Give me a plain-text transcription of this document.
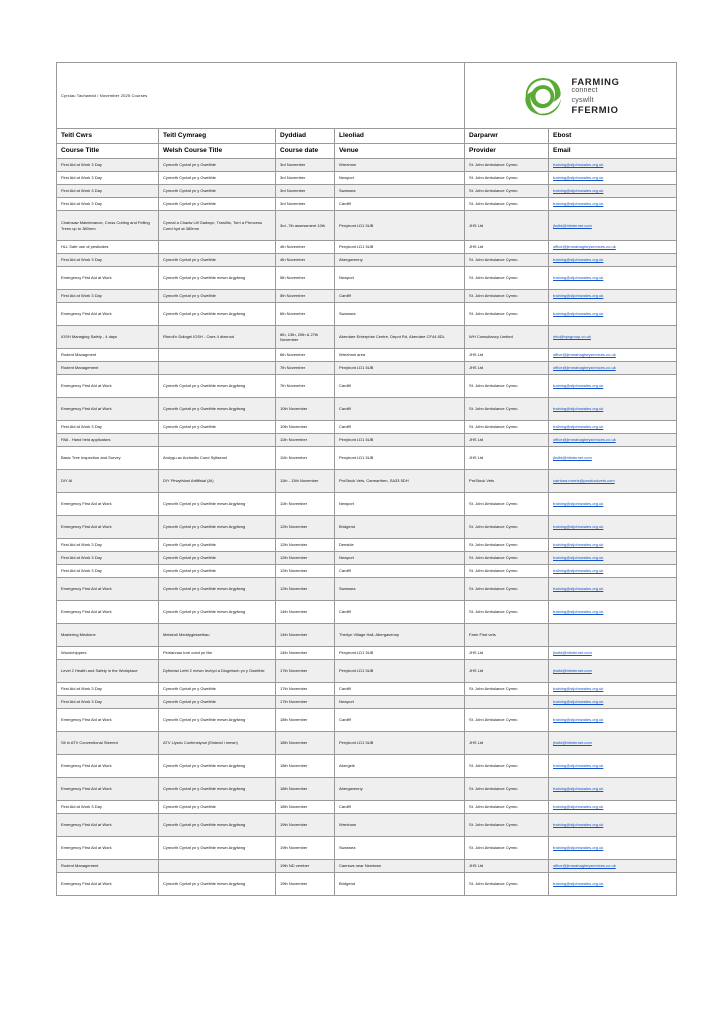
Cyrsiau Tachwedd / November 2025 Courses				FARMING
connect
cyswllt
FFERMIO	

Teitl Cwrs	Teitl Cymraeg	Dyddiad	Lleoliad	Darparwr	Ebost
Course Title	Welsh Course Title	Course date	Venue	Provider	Email
First Aid at Work 3 Day	Cymorth Cyntaf yn y Gweithle	3rd November	Wrexham	St. John Ambulance Cymru	training@stjohnwales.org.uk
First Aid at Work 3 Day	Cymorth Cyntaf yn y Gweithle	3rd November	Newport	St. John Ambulance Cymru	training@stjohnwales.org.uk
First Aid at Work 3 Day	Cymorth Cyntaf yn y Gweithle	3rd November	Swansea	St. John Ambulance Cymru	training@stjohnwales.org.uk
First Aid at Work 3 Day	Cymorth Cyntaf yn y Gweithle	3rd November	Cardiff	St. John Ambulance Cymru	training@stjohnwales.org.uk
Chainsaw Maintenance, Cross Cutting and Felling Trees up to 380mm	Cynnal a Chadw Llif Gadwyn, Trwsillio, Torri a Phrocesu Coed hyd at 380mm	3rd -7th assessment 10th	Penybont LD1 5UB	JHS Ltd	jhsltd@btinternet.com
HLL Safe use of pesticides		4th November	Penybont LD1 5UB	JHS Ltd	office@jimmahagheyservices.co.uk
First Aid at Work 3 Day	Cymorth Cyntaf yn y Gweithle	4th November	Abergavenny	St. John Ambulance Cymru	training@stjohnwales.org.uk
Emergency First Aid at Work	Cymorth Cyntaf yn y Gweithle mewn Argyfwng	5th November	Newport	St. John Ambulance Cymru	training@stjohnwales.org.uk
First Aid at Work 3 Day	Cymorth Cyntaf yn y Gweithle	5th November	Cardiff	St. John Ambulance Cymru	training@stjohnwales.org.uk
Emergency First Aid at Work	Cymorth Cyntaf yn y Gweithle mewn Argyfwng	6th November	Swansea	St. John Ambulance Cymru	training@stjohnwales.org.uk
IOSH Managing Safely - 4 days	Rheoli'n Ddiogel IOSH - Cwrs 4 diwrnod	6th, 13th, 20th & 27th November	Aberdare Enterprise Centre, Depot Rd, Aberdare CF44 8DL	WH Consultancy Limited	info@bpsgroup.co.uk
Rodent Managment		6th November	Wrexham area	JHS Ltd	office@jimmahagheyservices.co.uk
Rodent Management		7th November	Penybont LD1 5UB	JHS Ltd	office@jimmahagheyservices.co.uk
Emergency First Aid at Work	Cymorth Cyntaf yn y Gweithle mewn Argyfwng	7th November	Cardiff	St. John Ambulance Cymru	training@stjohnwales.org.uk
Emergency First Aid at Work	Cymorth Cyntaf yn y Gweithle mewn Argyfwng	10th November	Cardiff	St. John Ambulance Cymru	training@stjohnwales.org.uk
First Aid at Work 3 Day	Cymorth Cyntaf yn y Gweithle	10th November	Cardiff	St. John Ambulance Cymru	training@stjohnwales.org.uk
PA6 - Hand held applicators		11th November	Penybont LD1 5UB	JHS Ltd	office@jimmahagheyservices.co.uk
Basic Tree Inspection and Survey	Arolygu ac Archwilio Coed Sylfaenol	11th November	Penybont LD1 5UB	JHS Ltd	jhsltd@btinternet.com
DIY AI	DIY Ffrwythloni Artiffisial (AI)	11th - 13th November	ProStock Vets, Carmarthen, SA33 5DH	ProStock Vets	catriona.morris@prostockvets.com
Emergency First Aid at Work	Cymorth Cyntaf yn y Gweithle mewn Argyfwng	11th November	Newport	St. John Ambulance Cymru	training@stjohnwales.org.uk
Emergency First Aid at Work	Cymorth Cyntaf yn y Gweithle mewn Argyfwng	12th November	Bridgend	St. John Ambulance Cymru	training@stjohnwales.org.uk
First Aid at Work 3 Day	Cymorth Cyntaf yn y Gweithle	12th November	Deeside	St. John Ambulance Cymru	training@stjohnwales.org.uk
First Aid at Work 3 Day	Cymorth Cyntaf yn y Gweithle	12th November	Newport	St. John Ambulance Cymru	training@stjohnwales.org.uk
First Aid at Work 3 Day	Cymorth Cyntaf yn y Gweithle	12th November	Cardiff	St. John Ambulance Cymru	training@stjohnwales.org.uk
Emergency First Aid at Work	Cymorth Cyntaf yn y Gweithle mewn Argyfwng	12th November	Swansea	St. John Ambulance Cymru	training@stjohnwales.org.uk
Emergency First Aid at Work	Cymorth Cyntaf yn y Gweithle mewn Argyfwng	14th November	Cardiff	St. John Ambulance Cymru	training@stjohnwales.org.uk
Mastering Medicine	Meistroli Meddyginiaethau	14th November	Therlyn Village Hall, Abergavenny	Farm First vets	

Woodchippers	Peiriannau torri coed yn fân	14th November	Penybont LD1 5UB	JHS Ltd	jhsltd@btinternet.com
Level 2 Health and Safety in the Workplace	Dyfinriad Lefel 2 mewn Iechyd a Diogelwch yn y Gweithle	17th November	Penybont LD1 5UB	JHS Ltd	jhsltd@btinternet.com
First Aid at Work 3 Day	Cymorth Cyntaf yn y Gweithle	17th November	Cardiff	St. John Ambulance Cymru	training@stjohnwales.org.uk
First Aid at Work 3 Day	Cymorth Cyntaf yn y Gweithle	17th November	Newport		training@stjohnwales.org.uk
Emergency First Aid at Work	Cymorth Cyntaf yn y Gweithle mewn Argyfwng	18th November	Cardiff	St. John Ambulance Cymru	training@stjohnwales.org.uk
Sit in ATV Conventional Steered	ATV Llywio Confensiynol (Eistedd i mewn)	18th November	Penybont LD1 5UB	JHS Ltd	jhsltd@btinternet.com
Emergency First Aid at Work	Cymorth Cyntaf yn y Gweithle mewn Argyfwng	18th November	Abergele	St. John Ambulance Cymru	training@stjohnwales.org.uk
Emergency First Aid at Work	Cymorth Cyntaf yn y Gweithle mewn Argyfwng	18th November	Abergavenny	St. John Ambulance Cymru	training@stjohnwales.org.uk
First Aid at Work 3 Day	Cymorth Cyntaf yn y Gweithle	18th November	Cardiff	St. John Ambulance Cymru	training@stjohnwales.org.uk
Emergency First Aid at Work	Cymorth Cyntaf yn y Gweithle mewn Argyfwng	19th November	Wrexham	St. John Ambulance Cymru	training@stjohnwales.org.uk
Emergency First Aid at Work	Cymorth Cyntaf yn y Gweithle mewn Argyfwng	19th November	Swansea	St. John Ambulance Cymru	training@stjohnwales.org.uk
Rodent Management		19th ND vember	Caersws near Newtown	JHS Ltd	office@jimmahagheyservices.co.uk
Emergency First Aid at Work	Cymorth Cyntaf yn y Gweithle mewn Argyfwng	19th November	Bridgend	St. John Ambulance Cymru	training@stjohnwales.org.uk
